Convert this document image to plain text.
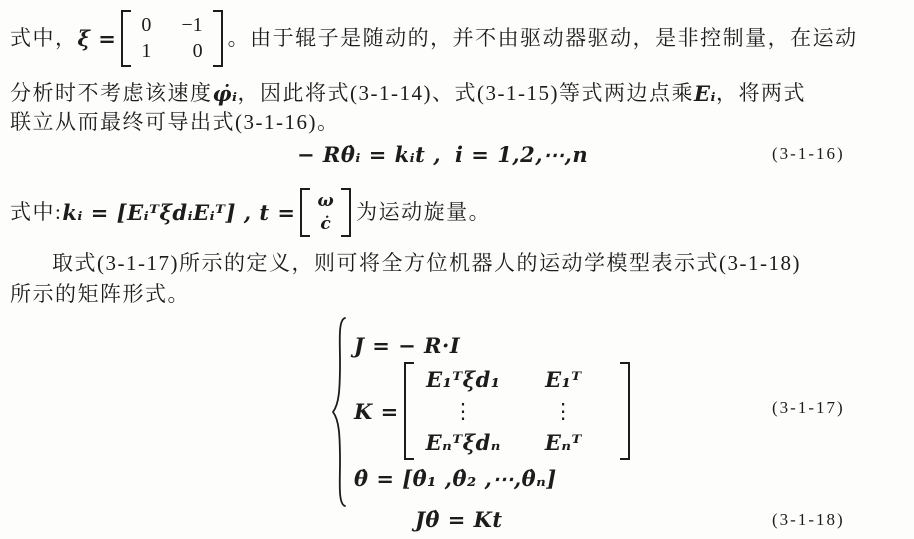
式中， ξ =
0 −1
1 0
。由于辊子是随动的，并不由驱动器驱动，是非控制量，在运动
分析时不考虑该速度 φ̇ᵢ ，因此将式(3-1-14)、式(3-1-15)等式两边点乘 Eᵢ ，将两式
联立从而最终可导出式(3-1-16)。
− Rθ̇ᵢ = kᵢt , i = 1,2,⋯,n	(3-1-16)
式中: kᵢ = [EᵢᵀξdᵢEᵢᵀ] , t = ω
ċ 为运动旋量。
取式(3-1-17)所示的定义，则可将全方位机器人的运动学模型表示式(3-1-18)
所示的矩阵形式。
J = − R·I
K =
E₁ᵀξd₁ E₁ᵀ
⋮	⋮
Eₙᵀξdₙ Eₙᵀ
θ̇ = [θ̇₁ ,θ̇₂ ,⋯,θ̇ₙ]
(3-1-17)
Jθ̇ = Kt	(3-1-18)
